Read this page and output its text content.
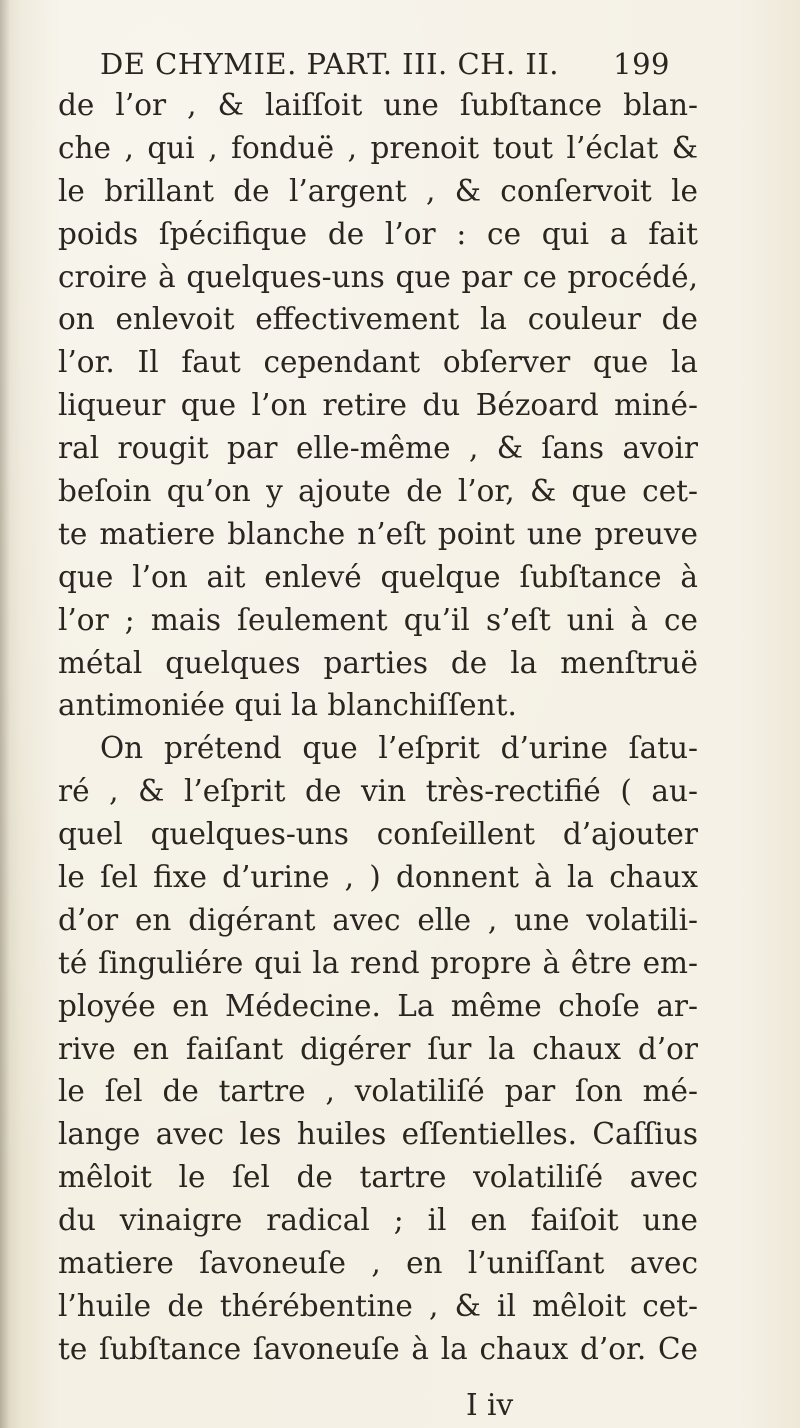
DE CHYMIE. PART. III. CH. II. 199
de l’or , & laiſſoit une ſubſtance blan-
che , qui , fonduë , prenoit tout l’éclat &
le brillant de l’argent , & conſervoit le
poids ſpécifique de l’or : ce qui a fait
croire à quelques-uns que par ce procédé,
on enlevoit effectivement la couleur de
l’or. Il faut cependant obſerver que la
liqueur que l’on retire du Bézoard miné-
ral rougit par elle-même , & ſans avoir
beſoin qu’on y ajoute de l’or, & que cet-
te matiere blanche n’eſt point une preuve
que l’on ait enlevé quelque ſubſtance à
l’or ; mais ſeulement qu’il s’eſt uni à ce
métal quelques parties de la menſtruë
antimoniée qui la blanchiſſent.
On prétend que l’eſprit d’urine ſatu-
ré , & l’eſprit de vin très-rectifié ( au-
quel quelques-uns conſeillent d’ajouter
le ſel fixe d’urine , ) donnent à la chaux
d’or en digérant avec elle , une volatili-
té ſinguliére qui la rend propre à être em-
ployée en Médecine. La même choſe ar-
rive en faiſant digérer ſur la chaux d’or
le ſel de tartre , volatiliſé par ſon mé-
lange avec les huiles eſſentielles. Caſſius
mêloit le ſel de tartre volatiliſé avec
du vinaigre radical ; il en faiſoit une
matiere ſavoneuſe , en l’uniſſant avec
l’huile de thérébentine , & il mêloit cet-
te ſubſtance ſavoneuſe à la chaux d’or. Ce
I iv
